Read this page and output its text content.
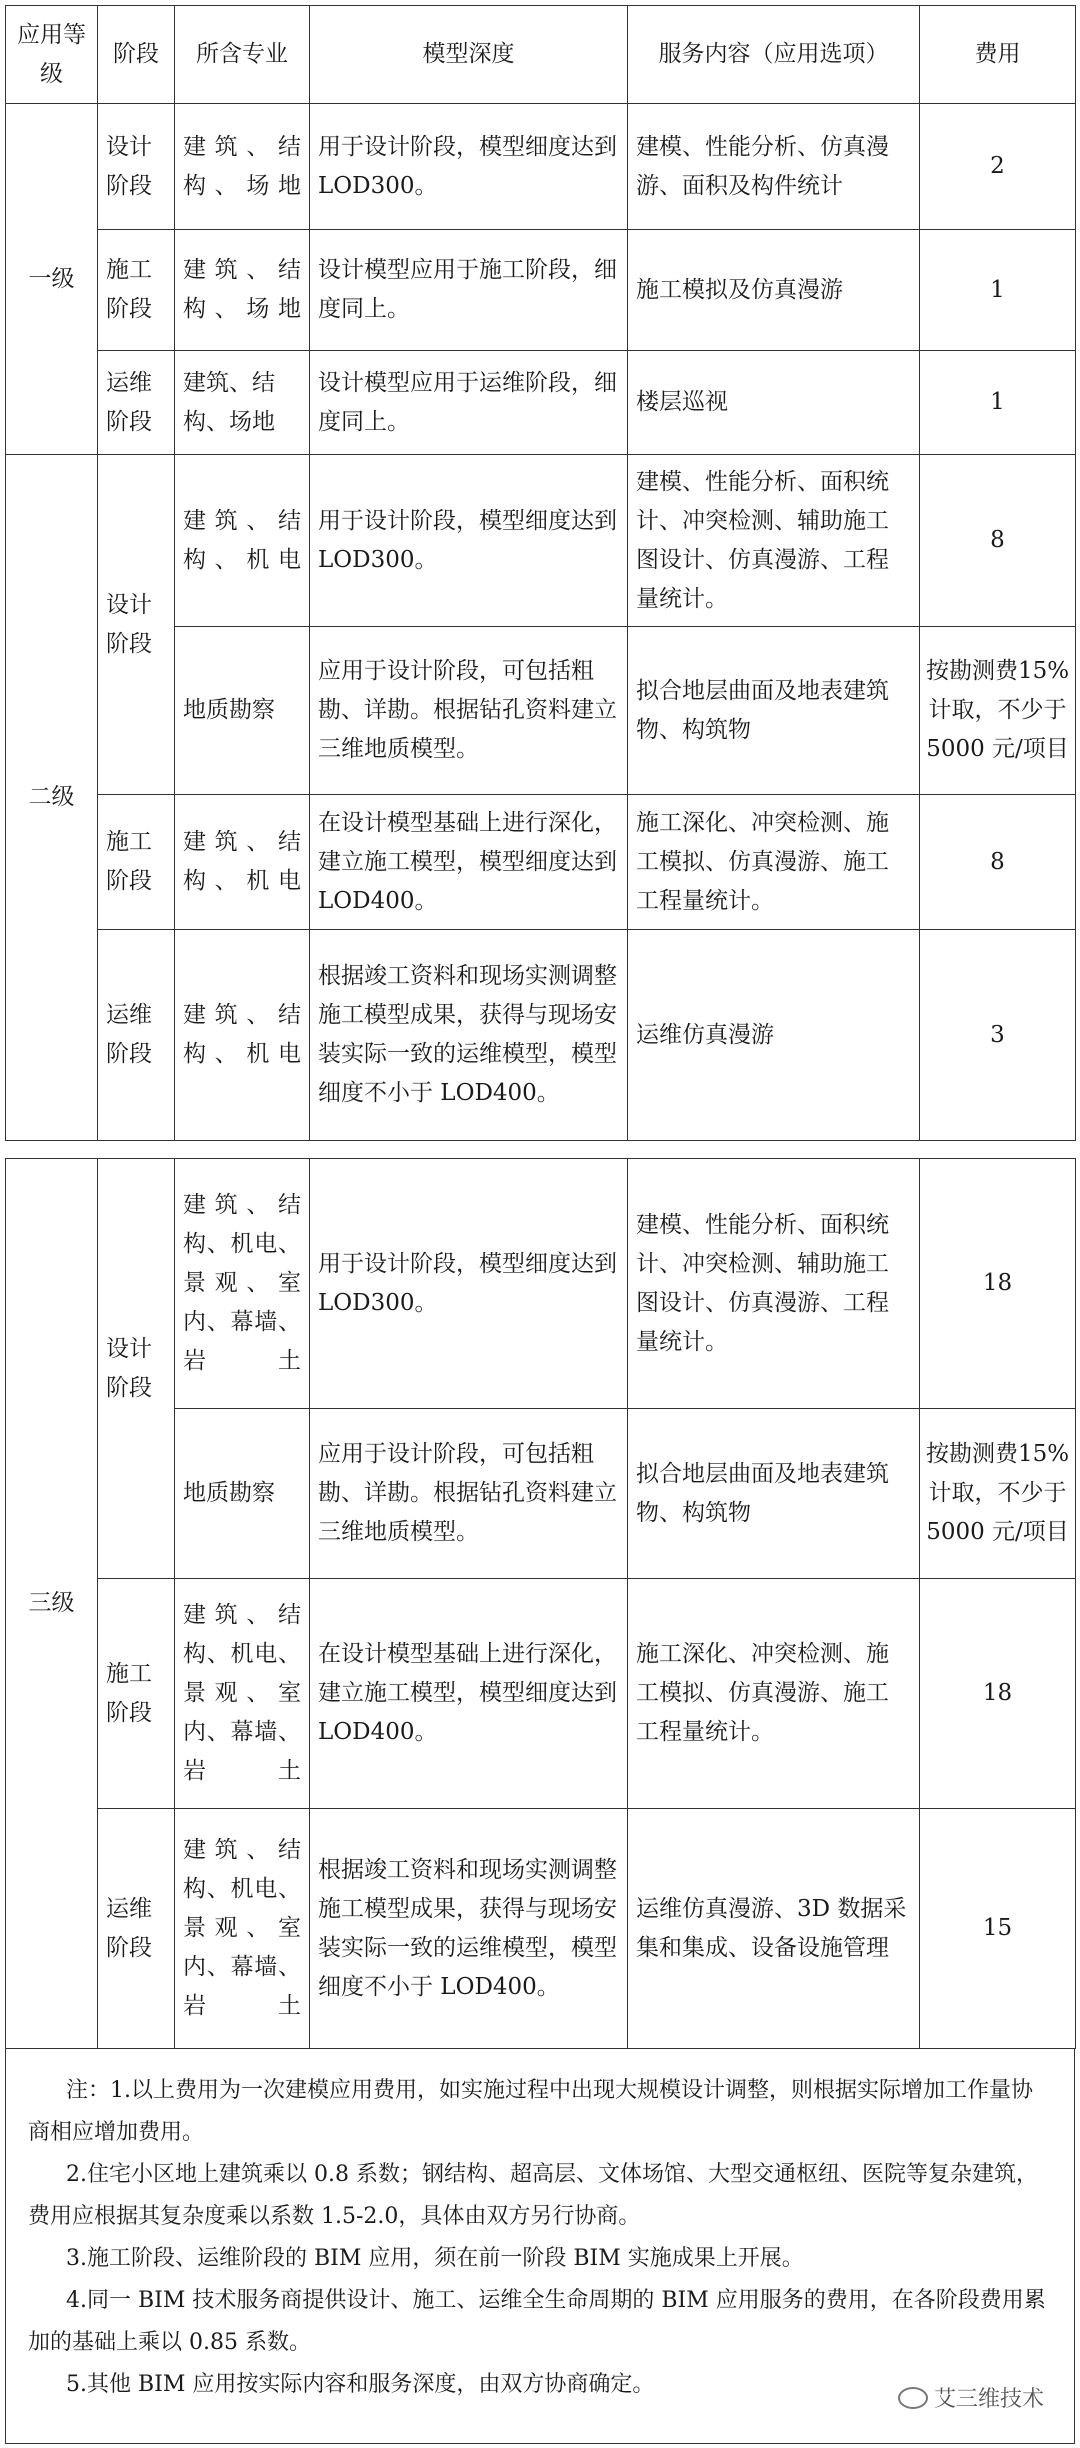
应用等级	阶段	所含专业	模型深度	服务内容（应用选项）	费用
一级	设计阶段	建筑、结构、场地	用于设计阶段，模型细度达到 LOD300。	建模、性能分析、仿真漫游、面积及构件统计	2
	施工阶段	建筑、结构、场地	设计模型应用于施工阶段，细度同上。	施工模拟及仿真漫游	1
	运维阶段	建筑、结构、场地	设计模型应用于运维阶段，细度同上。	楼层巡视	1
二级	设计阶段	建筑、结构、机电	用于设计阶段，模型细度达到 LOD300。	建模、性能分析、面积统计、冲突检测、辅助施工图设计、仿真漫游、工程量统计。	8
		地质勘察	应用于设计阶段，可包括粗勘、详勘。根据钻孔资料建立三维地质模型。	拟合地层曲面及地表建筑物、构筑物	按勘测费15%计取，不少于 5000 元/项目
	施工阶段	建筑、结构、机电	在设计模型基础上进行深化，建立施工模型，模型细度达到 LOD400。	施工深化、冲突检测、施工模拟、仿真漫游、施工工程量统计。	8
	运维阶段	建筑、结构、机电	根据竣工资料和现场实测调整施工模型成果，获得与现场安装实际一致的运维模型，模型细度不小于 LOD400。	运维仿真漫游	3
三级	设计阶段	建筑、结构、机电、景观、室内、幕墙、岩土	用于设计阶段，模型细度达到 LOD300。	建模、性能分析、面积统计、冲突检测、辅助施工图设计、仿真漫游、工程量统计。	18
		地质勘察	应用于设计阶段，可包括粗勘、详勘。根据钻孔资料建立三维地质模型。	拟合地层曲面及地表建筑物、构筑物	按勘测费15%计取，不少于 5000 元/项目
	施工阶段	建筑、结构、机电、景观、室内、幕墙、岩土	在设计模型基础上进行深化，建立施工模型，模型细度达到 LOD400。	施工深化、冲突检测、施工模拟、仿真漫游、施工工程量统计。	18
	运维阶段	建筑、结构、机电、景观、室内、幕墙、岩土	根据竣工资料和现场实测调整施工模型成果，获得与现场安装实际一致的运维模型，模型细度不小于 LOD400。	运维仿真漫游、3D 数据采集和集成、设备设施管理	15

注：1.以上费用为一次建模应用费用，如实施过程中出现大规模设计调整，则根据实际增加工作量协商相应增加费用。

2.住宅小区地上建筑乘以 0.8 系数；钢结构、超高层、文体场馆、大型交通枢纽、医院等复杂建筑，费用应根据其复杂度乘以系数 1.5-2.0，具体由双方另行协商。

3.施工阶段、运维阶段的 BIM 应用，须在前一阶段 BIM 实施成果上开展。

4.同一 BIM 技术服务商提供设计、施工、运维全生命周期的 BIM 应用服务的费用，在各阶段费用累加的基础上乘以 0.85 系数。

5.其他 BIM 应用按实际内容和服务深度，由双方协商确定。

艾三维技术
